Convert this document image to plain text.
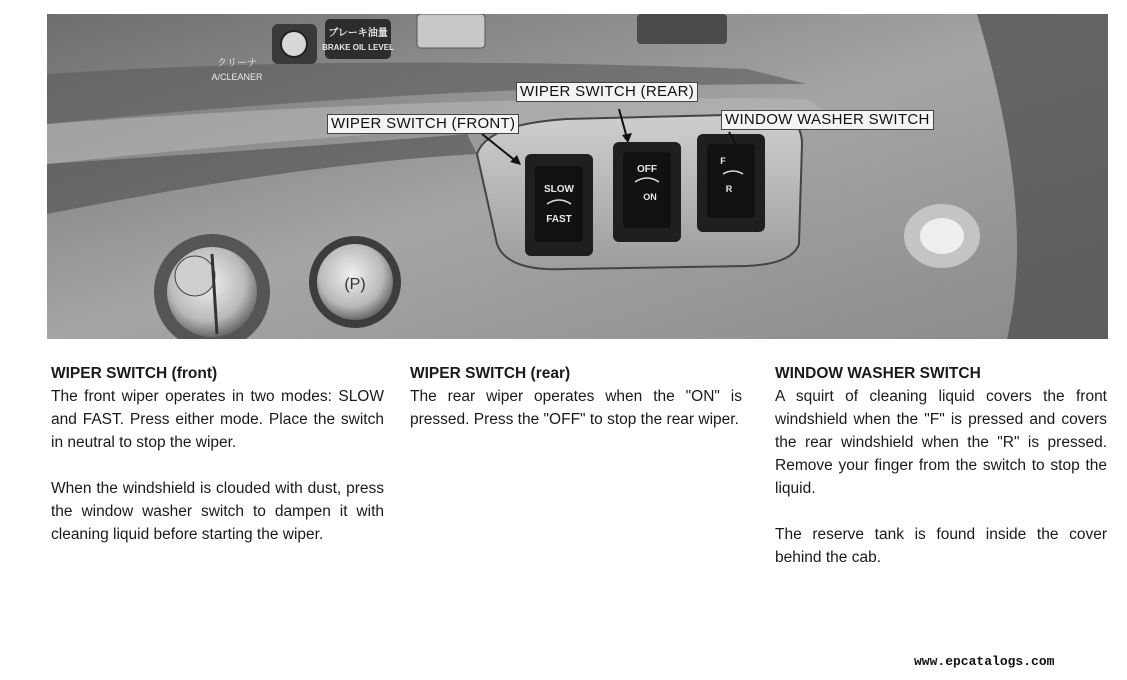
ブレーキ油量
BRAKE OIL LEVEL
クリーナ
A/CLEANER
SLOW
FAST
OFF
ON
F
R
(P)
WIPER SWITCH (REAR)
WIPER SWITCH (FRONT)	WINDOW WASHER SWITCH
WIPER SWITCH (front)

The front wiper operates in two modes: SLOW and FAST. Press either mode. Place the switch in neutral to stop the wiper.

When the windshield is clouded with dust, press the window washer switch to dampen it with cleaning liquid before starting the wiper.

WIPER SWITCH (rear)

The rear wiper operates when the "ON" is pressed. Press the "OFF" to stop the rear wiper.

WINDOW WASHER SWITCH

A squirt of cleaning liquid covers the front windshield when the "F" is pressed and covers the rear windshield when the "R" is pressed. Remove your finger from the switch to stop the liquid.

The reserve tank is found inside the cover behind the cab.

www.epcatalogs.com
